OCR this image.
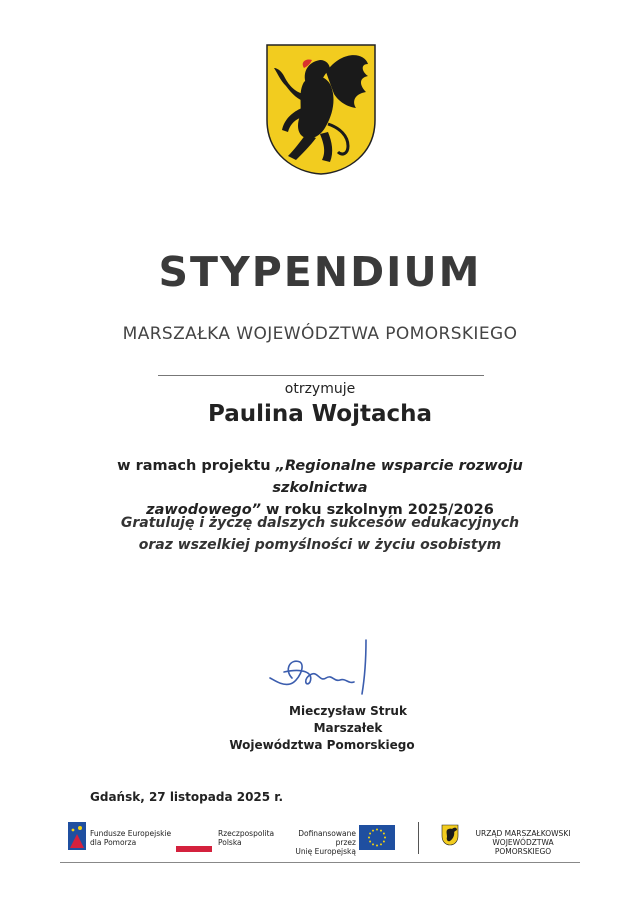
STYPENDIUM
MARSZAŁKA WOJEWÓDZTWA POMORSKIEGO
otrzymuje
Paulina Wojtacha
w ramach projektu „Regionalne wsparcie rozwoju szkolnictwa
zawodowego” w roku szkolnym 2025/2026
Gratuluję i życzę dalszych sukcesów edukacyjnych
oraz wszelkiej pomyślności w życiu osobistym
Mieczysław Struk
Marszałek
Województwa Pomorskiego
Gdańsk, 27 listopada 2025 r.
Fundusze Europejskie
dla Pomorza
Rzeczpospolita
Polska
Dofinansowane przez
Unię Europejską
URZĄD MARSZAŁKOWSKI
WOJEWÓDZTWA POMORSKIEGO
